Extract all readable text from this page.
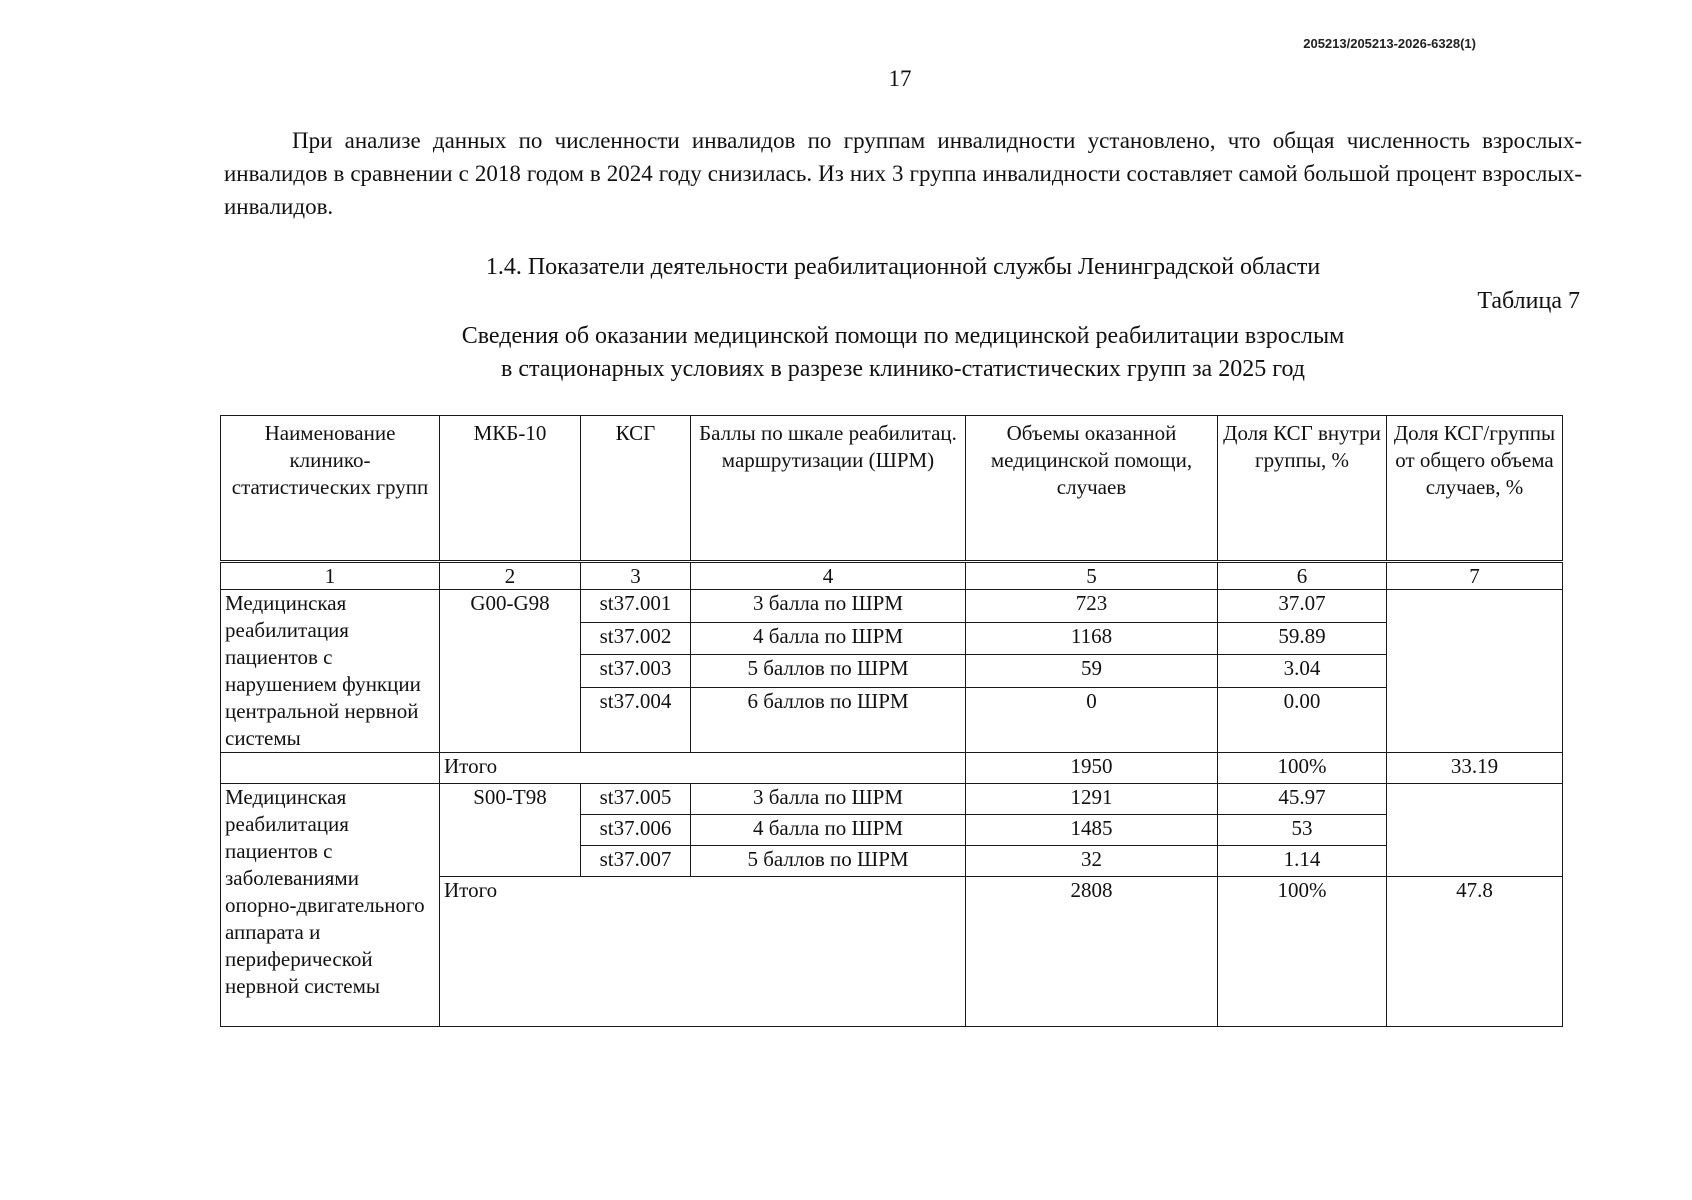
205213/205213-2026-6328(1)
17

При анализе данных по численности инвалидов по группам инвалидности установлено, что общая численность взрослых-инвалидов в сравнении с 2018 годом в 2024 году снизилась. Из них 3 группа инвалидности составляет самой большой процент взрослых-инвалидов.

1.4. Показатели деятельности реабилитационной службы Ленинградской области
Таблица 7
Сведения об оказании медицинской помощи по медицинской реабилитации взрослым
в стационарных условиях в разрезе клинико-статистических групп за 2025 год
Наименование клинико-статистических групп	МКБ-10	КСГ	Баллы по шкале реабилитац. маршрутизации (ШРМ)	Объемы оказанной медицинской помощи, случаев	Доля КСГ внутри группы, %	Доля КСГ/группы от общего объема случаев, %
1	2	3	4	5	6	7
Медицинская реабилитация пациентов с нарушением функции центральной нервной системы	G00-G98	st37.001	3 балла по ШРМ	723	37.07	
		st37.002	4 балла по ШРМ	1168	59.89	
		st37.003	5 баллов по ШРМ	59	3.04	
		st37.004	6 баллов по ШРМ	0	0.00	
	Итого			1950	100%	33.19
Медицинская реабилитация пациентов с заболеваниями опорно-двигательного аппарата и периферической нервной системы	S00-T98	st37.005	3 балла по ШРМ	1291	45.97	
		st37.006	4 балла по ШРМ	1485	53	
		st37.007	5 баллов по ШРМ	32	1.14	
	Итого			2808	100%	47.8
